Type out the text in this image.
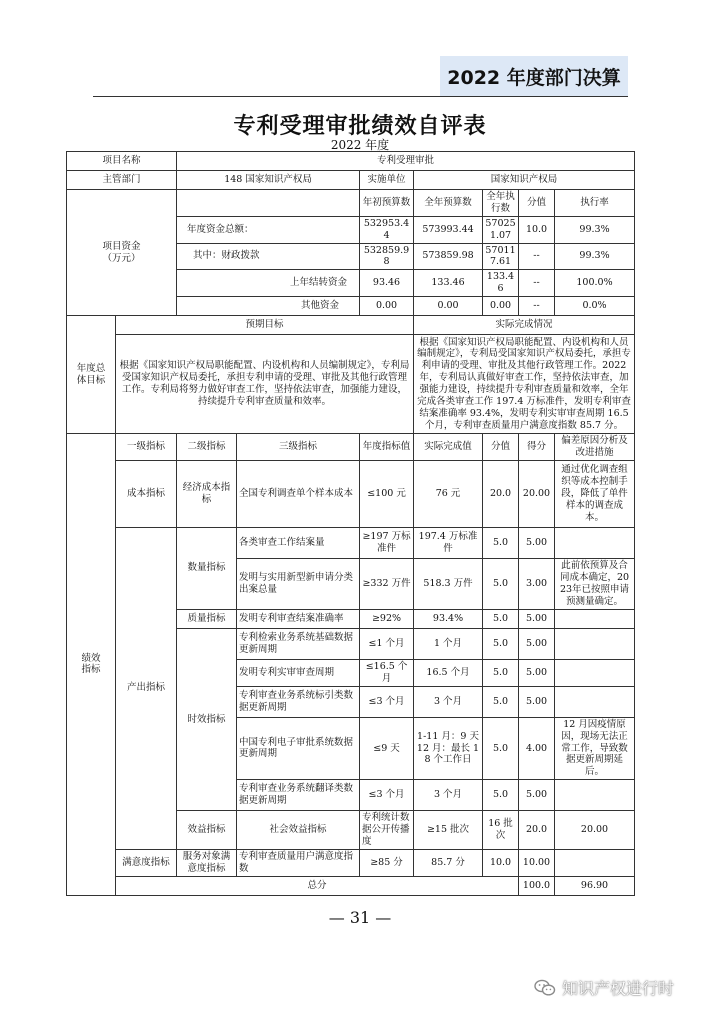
2022 年度部门决算
专利受理审批绩效自评表
2022 年度
项目名称		专利受理审批							
主管部门		148 国家知识产权局		实施单位	国家知识产权局				
项目资金
（万元）				年初预算数	全年预算数	全年执行数	分值	执行率	
		年度资金总额：		532953.44	573993.44	570251.07	10.0	99.3%	
		其中：财政拨款		532859.98	573859.98	570117.61	--	99.3%	
		上年结转资金		93.46	133.46	133.46	--	100.0%	
		其他资金		0.00	0.00	0.00	--	0.0%	
年度总
体目标	预期目标				实际完成情况				
	根据《国家知识产权局职能配置、内设机构和人员编制规定》，专利局受国家知识产权局委托，承担专利申请的受理、审批及其他行政管理工作。专利局将努力做好审查工作，坚持依法审查，加强能力建设，持续提升专利审查质量和效率。				根据《国家知识产权局职能配置、内设机构和人员编制规定》，专利局受国家知识产权局委托，承担专利申请的受理、审批及其他行政管理工作。2022年，专利局认真做好审查工作，坚持依法审查，加强能力建设，持续提升专利审查质量和效率，全年完成各类审查工作 197.4 万标准件，发明专利审查结案准确率 93.4%，发明专利实审审查周期 16.5 个月，专利审查质量用户满意度指数 85.7 分。				
绩效
指标	一级指标	二级指标	三级指标	年度指标值	实际完成值	分值	得分	偏差原因分析及改进措施	
	成本指标	经济成本指标	全国专利调查单个样本成本	≤100 元	76 元	20.0	20.00	通过优化调查组织等成本控制手段，降低了单件样本的调查成本。	
	产出指标	数量指标	各类审查工作结案量	≥197 万标准件	197.4 万标准件	5.0	5.00		
			发明与实用新型新申请分类出案总量	≥332 万件	518.3 万件	5.0	3.00	此前依预算及合同成本确定，2023年已按照申请预测量确定。	
		质量指标	发明专利审查结案准确率	≥92%	93.4%	5.0	5.00		
		时效指标	专利检索业务系统基础数据更新周期	≤1 个月	1 个月	5.0	5.00		
			发明专利实审审查周期	≤16.5 个月	16.5 个月	5.0	5.00		
			专利审查业务系统标引类数据更新周期	≤3 个月	3 个月	5.0	5.00		
			中国专利电子审批系统数据更新周期	≤9 天	1-11 月：9 天 12 月：最长 18 个工作日	5.0	4.00	12 月因疫情原因，现场无法正常工作，导致数据更新周期延后。	
			专利审查业务系统翻译类数据更新周期	≤3 个月	3 个月	5.0	5.00		
		效益指标	社会效益指标	专利统计数据公开传播度	≥15 批次	16 批次	20.0	20.00	
	满意度指标	服务对象满意度指标	专利审查质量用户满意度指数	≥85 分	85.7 分	10.0	10.00		
	总分						100.0	96.90	
— 31 —
知识产权进行时
